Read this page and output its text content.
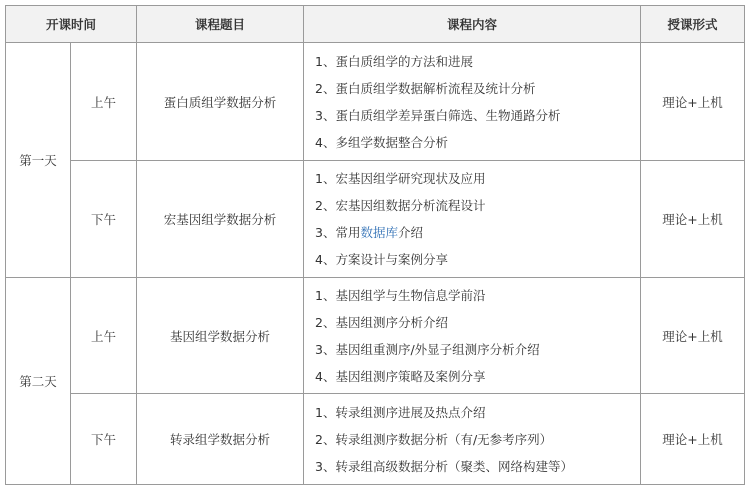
开课时间		课程题目	课程内容	授课形式
第一天	上午	蛋白质组学数据分析	1、蛋白质组学的方法和进展
2、蛋白质组学数据解析流程及统计分析
3、蛋白质组学差异蛋白筛选、生物通路分析
4、多组学数据整合分析	理论+上机
	下午	宏基因组学数据分析	1、宏基因组学研究现状及应用
2、宏基因组数据分析流程设计
3、常用数据库介绍
4、方案设计与案例分享	理论+上机
第二天	上午	基因组学数据分析	1、基因组学与生物信息学前沿
2、基因组测序分析介绍
3、基因组重测序/外显子组测序分析介绍
4、基因组测序策略及案例分享	理论+上机
	下午	转录组学数据分析	1、转录组测序进展及热点介绍
2、转录组测序数据分析（有/无参考序列）
3、转录组高级数据分析（聚类、网络构建等）	理论+上机
